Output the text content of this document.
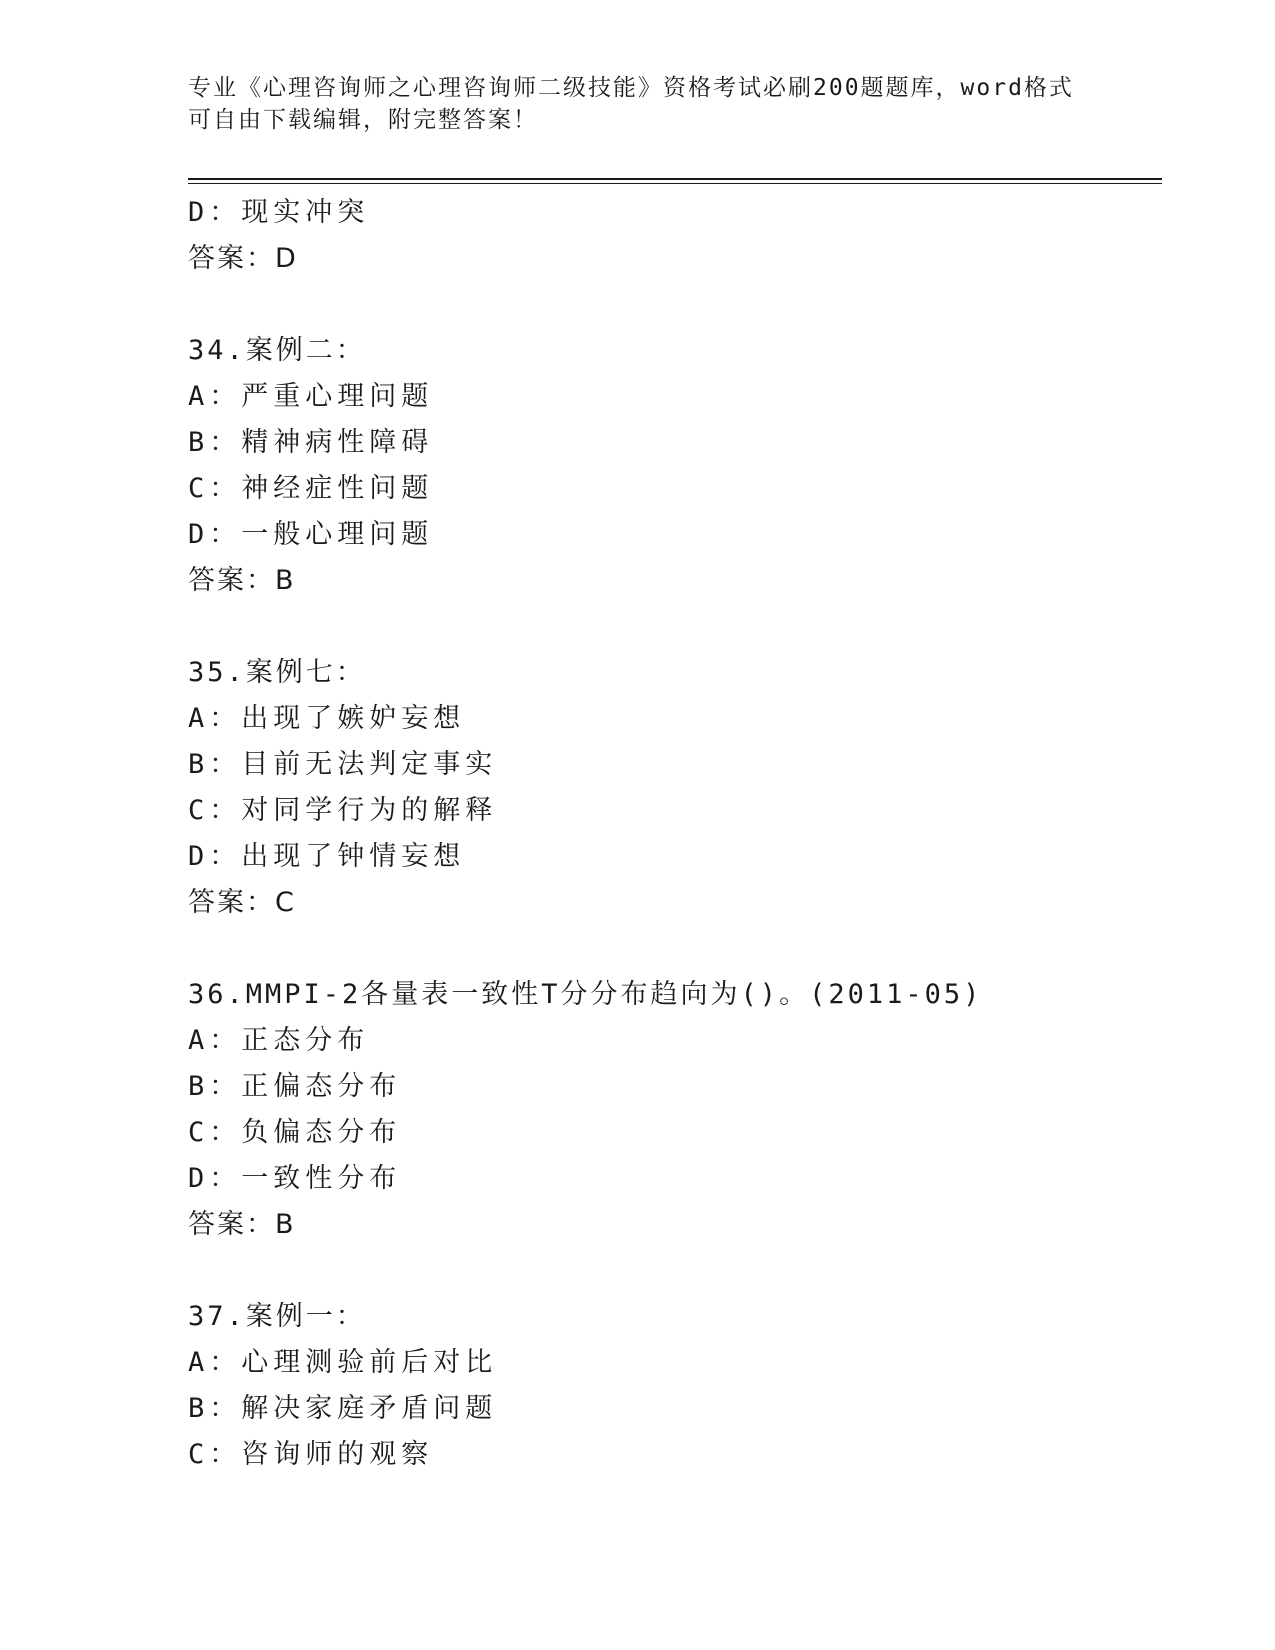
专业《心理咨询师之心理咨询师二级技能》资格考试必刷200题题库，word格式
可自由下载编辑，附完整答案！
D：现实冲突
答案：D
34.案例二：
A：严重心理问题
B：精神病性障碍
C：神经症性问题
D：一般心理问题
答案：B
35.案例七：
A：出现了嫉妒妄想
B：目前无法判定事实
C：对同学行为的解释
D：出现了钟情妄想
答案：C
36.MMPI-2各量表一致性T分分布趋向为()。(2011-05)
A：正态分布
B：正偏态分布
C：负偏态分布
D：一致性分布
答案：B
37.案例一：
A：心理测验前后对比
B：解决家庭矛盾问题
C：咨询师的观察
